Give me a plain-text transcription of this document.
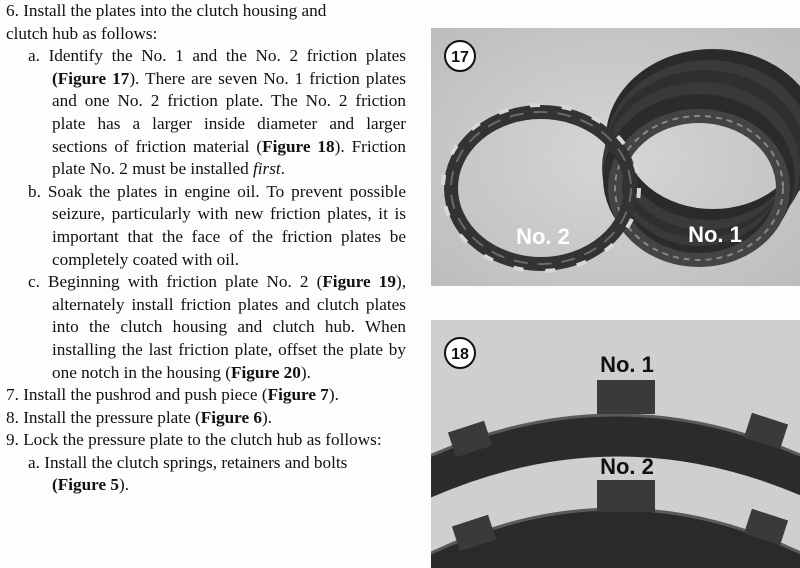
6. Install the plates into the clutch housing and
clutch hub as follows:

a. Identify the No. 1 and the No. 2 friction plates (Figure 17). There are seven No. 1 friction plates and one No. 2 friction plate. The No. 2 friction plate has a larger inside diameter and larger sections of friction material (Figure 18). Friction plate No. 2 must be installed first.

b. Soak the plates in engine oil. To prevent possible seizure, particularly with new friction plates, it is important that the face of the friction plates be completely coated with oil.

c. Beginning with friction plate No. 2 (Figure 19), alternately install friction plates and clutch plates into the clutch housing and clutch hub. When installing the last friction plate, offset the plate by one notch in the housing (Figure 20).

7. Install the pushrod and push piece (Figure 7).

8. Install the pressure plate (Figure 6).

9. Lock the pressure plate to the clutch hub as follows:

a. Install the clutch springs, retainers and bolts
(Figure 5).

17
No. 2	No. 1
18	No. 1
No. 2
